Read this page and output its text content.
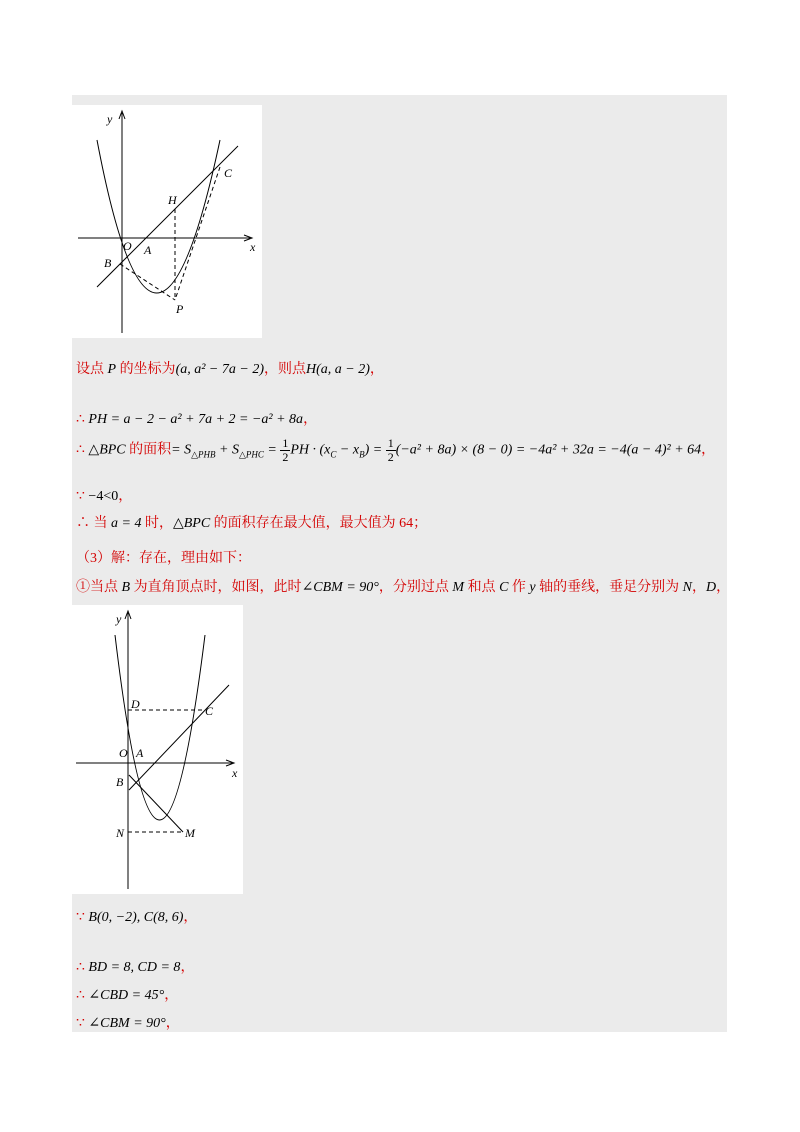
y
x
H
C
O A
B
P
设点 P 的坐标为(a, a² − 7a − 2)，则点H(a, a − 2)，
∴ PH = a − 2 − a² + 7a + 2 = −a² + 8a，
∴ △BPC 的面积= $S_{\triangle PHB} + S_{\triangle PHC} = \frac{1}{2}$ PH · $(x_C - x_B) = \frac{1}{2} (-a^2 + 8a) \times (8 - 0) = -4a^2 + 32a = -4(a - 4)^2 + 64$，
∵ −4<0，
∴ 当 a = 4 时，△BPC 的面积存在最大值，最大值为 64；
（3）解：存在，理由如下：
①当点 B 为直角顶点时，如图，此时∠CBM = 90°，分别过点 M 和点 C 作 y 轴的垂线，垂足分别为 N，D，
y
x
D	C
O A
B
N	M
∵ B(0, −2), C(8, 6)，
∴ BD = 8, CD = 8，
∴ ∠CBD = 45°，
∵ ∠CBM = 90°，
